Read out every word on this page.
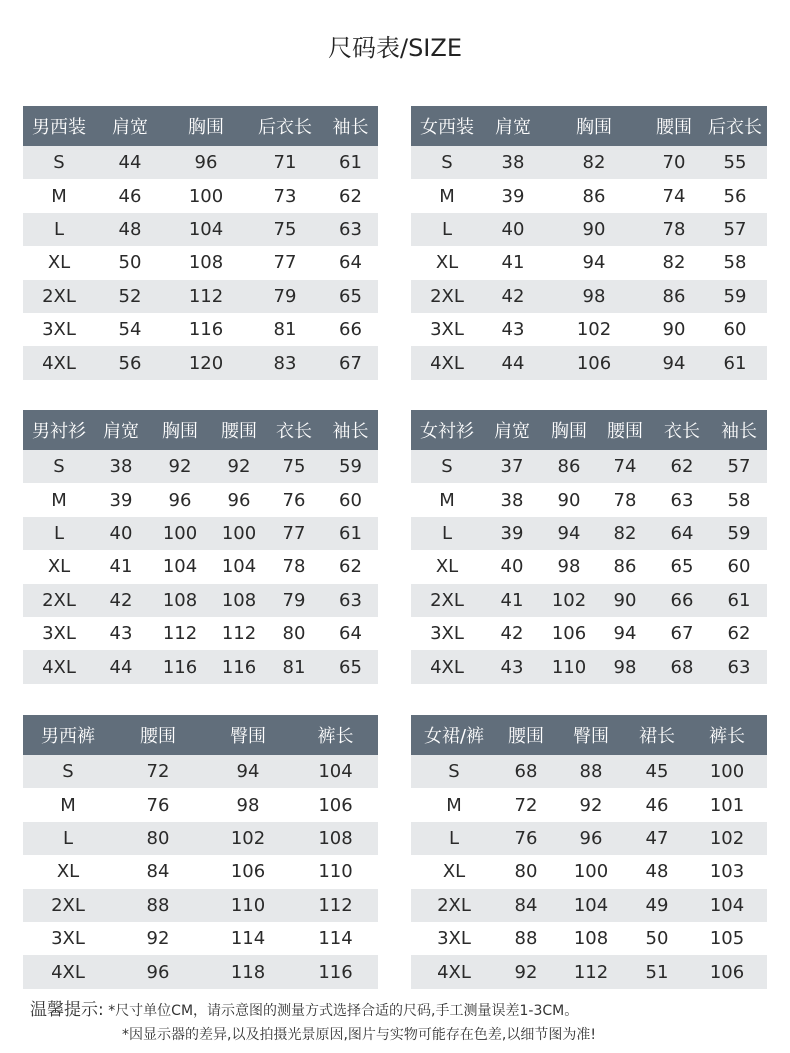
尺码表/SIZE
男西装	肩宽	胸围	后衣长	袖长
S	44	96	71	61
M	46	100	73	62
L	48	104	75	63
XL	50	108	77	64
2XL	52	112	79	65
3XL	54	116	81	66
4XL	56	120	83	67
女西装	肩宽	胸围	腰围	后衣长
S	38	82	70	55
M	39	86	74	56
L	40	90	78	57
XL	41	94	82	58
2XL	42	98	86	59
3XL	43	102	90	60
4XL	44	106	94	61
男衬衫	肩宽	胸围	腰围	衣长	袖长
S	38	92	92	75	59
M	39	96	96	76	60
L	40	100	100	77	61
XL	41	104	104	78	62
2XL	42	108	108	79	63
3XL	43	112	112	80	64
4XL	44	116	116	81	65
女衬衫	肩宽	胸围	腰围	衣长	袖长
S	37	86	74	62	57
M	38	90	78	63	58
L	39	94	82	64	59
XL	40	98	86	65	60
2XL	41	102	90	66	61
3XL	42	106	94	67	62
4XL	43	110	98	68	63
男西裤	腰围	臀围	裤长
S	72	94	104
M	76	98	106
L	80	102	108
XL	84	106	110
2XL	88	110	112
3XL	92	114	114
4XL	96	118	116
女裙/裤	腰围	臀围	裙长	裤长
S	68	88	45	100
M	72	92	46	101
L	76	96	47	102
XL	80	100	48	103
2XL	84	104	49	104
3XL	88	108	50	105
4XL	92	112	51	106
温馨提示: *尺寸单位CM，请示意图的测量方式选择合适的尺码,手工测量误差1-3CM。
*因显示器的差异,以及拍摄光景原因,图片与实物可能存在色差,以细节图为准!
